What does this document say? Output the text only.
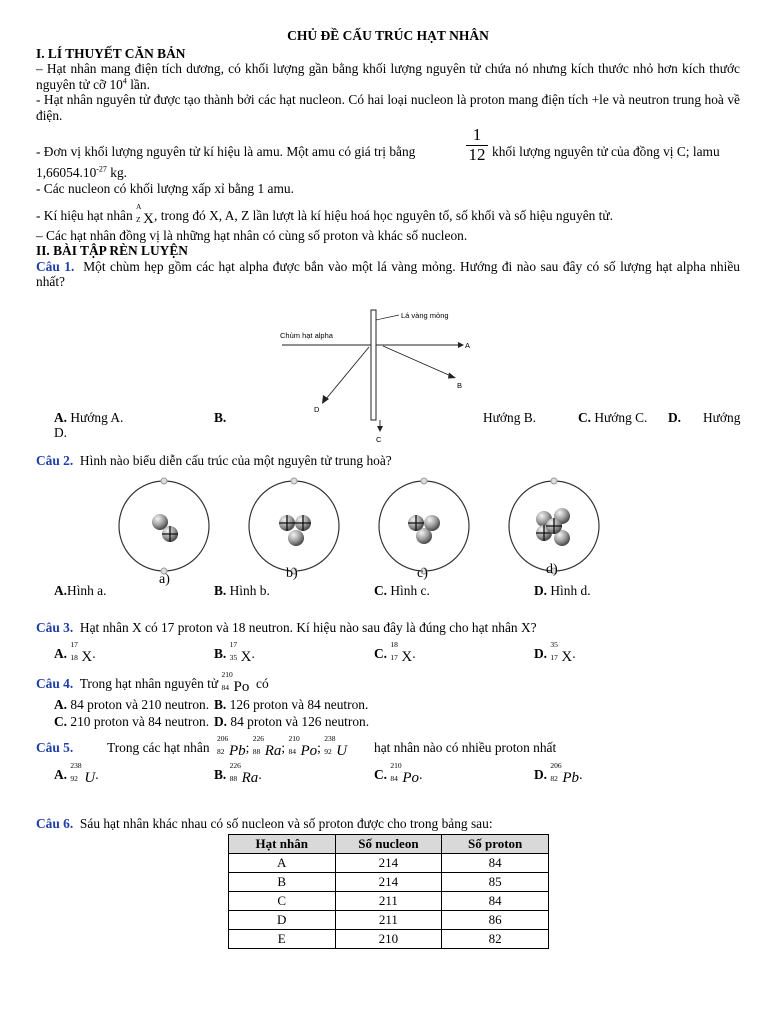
CHỦ ĐỀ CẤU TRÚC HẠT NHÂN
I. LÍ THUYẾT CĂN BẢN

– Hạt nhân mang điện tích dương, có khối lượng gần bằng khối lượng nguyên tử chứa nó nhưng kích thước nhỏ hơn kích thước nguyên tử cỡ $10^4$ lần.

- Hạt nhân nguyên tử được tạo thành bởi các hạt nucleon. Có hai loại nucleon là proton mang điện tích +le và neutron trung hoà về điện.

- Đơn vị khối lượng nguyên tử kí hiệu là amu. Một amu có giá trị bằng	$\frac{1}{12}$ khối lượng nguyên tử của đồng vị C; lamu

$1,66054.10^{-27}$ kg.

- Các nucleon có khối lượng xấp xỉ bằng 1 amu.

- Kí hiệu hạt nhân
A
Z X, trong đó X, A, Z lần lượt là kí hiệu hoá học nguyên tố, số khối và số hiệu nguyên tử.

– Các hạt nhân đồng vị là những hạt nhân có cùng số proton và khác số nucleon.

II. BÀI TẬP RÈN LUYỆN

Câu 1. Một chùm hẹp gồm các hạt alpha được bắn vào một lá vàng mỏng. Hướng đi nào sau đây có số lượng hạt alpha nhiều nhất?

Chùm hạt alpha
Lá vàng mỏng
A
B
C
D
A. Hướng A.	B.	Hướng B.	C. Hướng C. D. Hướng
D.

Câu 2. Hình nào biểu diễn cấu trúc của một nguyên tử trung hoà?

a)	b)	c)	d)
A.Hình a.	B. Hình b.	C. Hình c.	D. Hình d.

Câu 3. Hạt nhân X có 17 proton và 18 neutron. Kí hiệu nào sau đây là đúng cho hạt nhân X?

A.
17
18 X.	B.
17
35 X.	C.
18
17 X.	D.
35
17 X.

Câu 4. Trong hạt nhân nguyên tử
210
84 Po có

A. 84 proton và 210 neutron. B. 126 proton và 84 neutron.
C. 210 proton và 84 neutron. D. 84 proton và 126 neutron.
Câu 5.	Trong các hạt nhân
206
82 Pb;
226
88 Ra;
210
84 Po;
238
92 U hạt nhân nào có nhiều proton nhất
A.
238
92 U.	B.
226
88 Ra.	C.
210
84 Po.	D.
206
82 Pb.

Câu 6. Sáu hạt nhân khác nhau có số nucleon và số proton được cho trong bảng sau:

Hạt nhân	Số nucleon	Số proton
A	214	84
B	214	85
C	211	84
D	211	86
E	210	82
